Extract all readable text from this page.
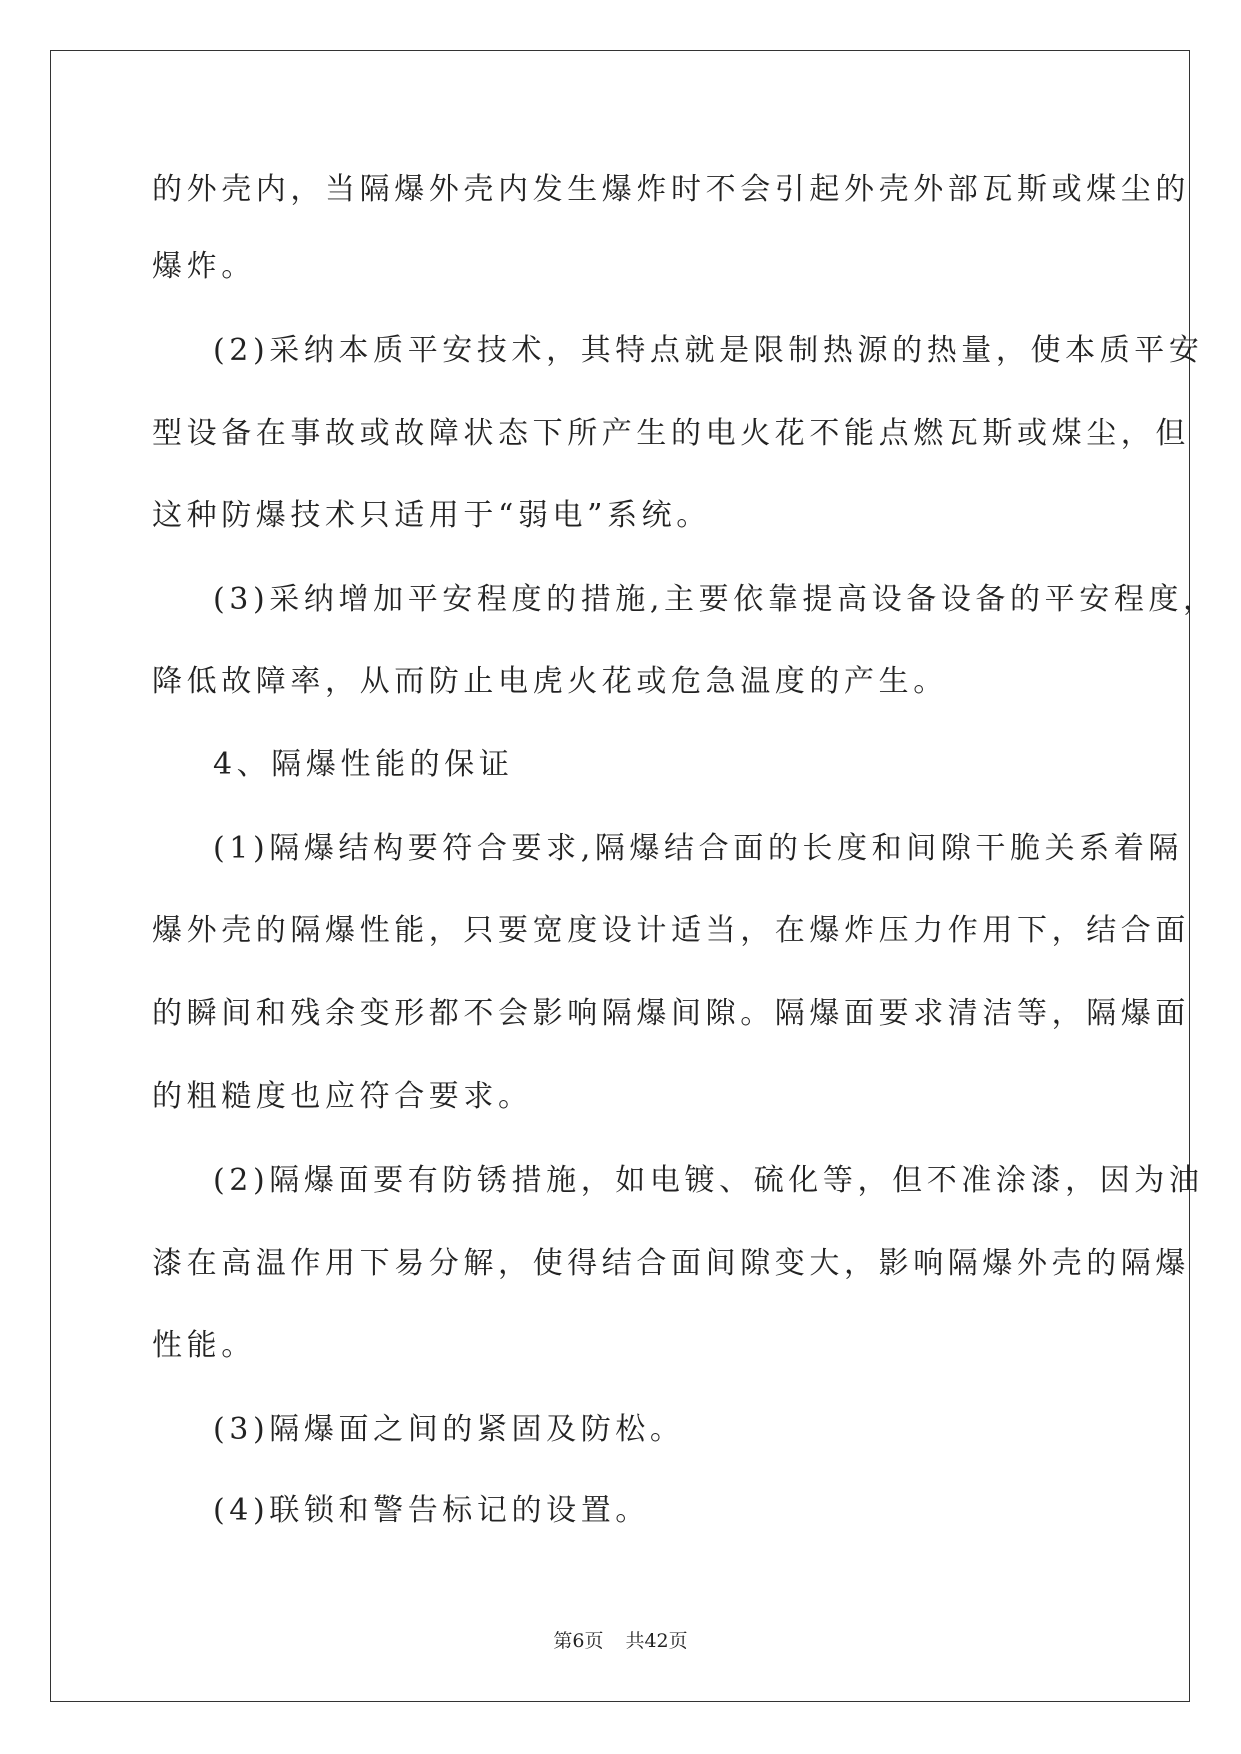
的外壳内，当隔爆外壳内发生爆炸时不会引起外壳外部瓦斯或煤尘的

爆炸。

(2)采纳本质平安技术，其特点就是限制热源的热量，使本质平安

型设备在事故或故障状态下所产生的电火花不能点燃瓦斯或煤尘，但

这种防爆技术只适用于“弱电”系统。

(3)采纳增加平安程度的措施,主要依靠提高设备设备的平安程度，

降低故障率，从而防止电虎火花或危急温度的产生。

4、隔爆性能的保证

(1)隔爆结构要符合要求,隔爆结合面的长度和间隙干脆关系着隔

爆外壳的隔爆性能，只要宽度设计适当，在爆炸压力作用下，结合面

的瞬间和残余变形都不会影响隔爆间隙。隔爆面要求清洁等，隔爆面

的粗糙度也应符合要求。

(2)隔爆面要有防锈措施，如电镀、硫化等，但不准涂漆，因为油

漆在高温作用下易分解，使得结合面间隙变大，影响隔爆外壳的隔爆

性能。

(3)隔爆面之间的紧固及防松。

(4)联锁和警告标记的设置。

第6页 共42页
